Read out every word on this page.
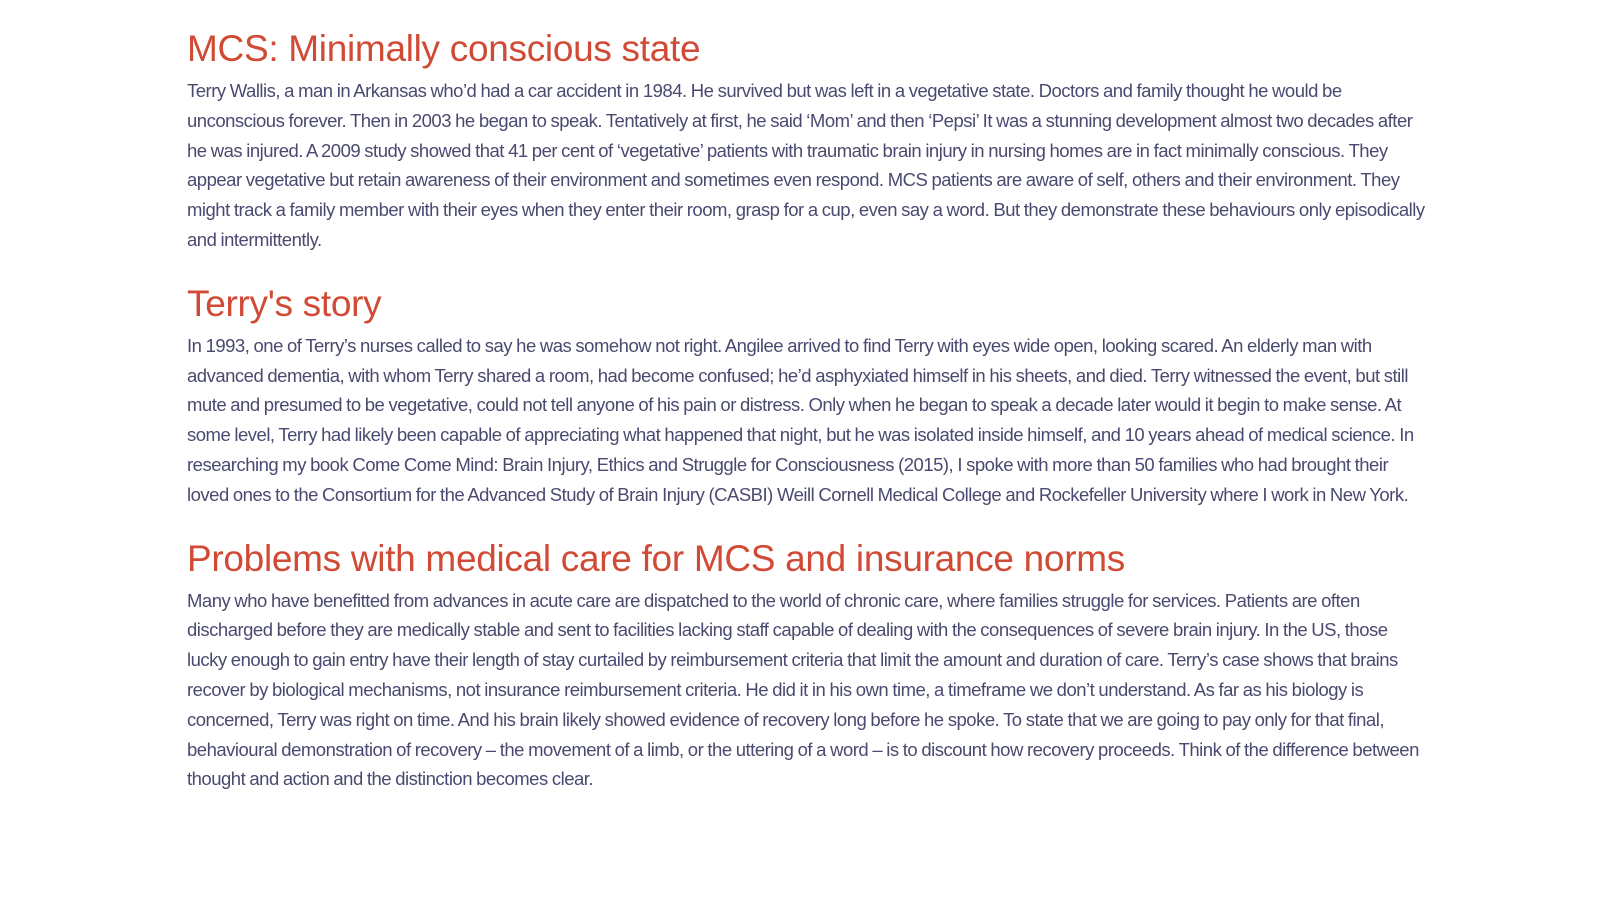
MCS: Minimally conscious state

Terry Wallis, a man in Arkansas who’d had a car accident in 1984. He survived but was left in a vegetative state. Doctors and family thought he would be unconscious forever. Then in 2003 he began to speak. Tentatively at first, he said ‘Mom’ and then ‘Pepsi’ It was a stunning development almost two decades after he was injured. A 2009 study showed that 41 per cent of ‘vegetative’ patients with traumatic brain injury in nursing homes are in fact minimally conscious. They appear vegetative but retain awareness of their environment and sometimes even respond. MCS patients are aware of self, others and their environment. They might track a family member with their eyes when they enter their room, grasp for a cup, even say a word. But they demonstrate these behaviours only episodically and intermittently.

Terry's story

In 1993, one of Terry’s nurses called to say he was somehow not right. Angilee arrived to find Terry with eyes wide open, looking scared. An elderly man with advanced dementia, with whom Terry shared a room, had become confused; he’d asphyxiated himself in his sheets, and died. Terry witnessed the event, but still mute and presumed to be vegetative, could not tell anyone of his pain or distress. Only when he began to speak a decade later would it begin to make sense. At some level, Terry had likely been capable of appreciating what happened that night, but he was isolated inside himself, and 10 years ahead of medical science. In researching my book Come Come Mind: Brain Injury, Ethics and Struggle for Consciousness (2015), I spoke with more than 50 families who had brought their loved ones to the Consortium for the Advanced Study of Brain Injury (CASBI) Weill Cornell Medical College and Rockefeller University where I work in New York.

Problems with medical care for MCS and insurance norms

Many who have benefitted from advances in acute care are dispatched to the world of chronic care, where families struggle for services. Patients are often discharged before they are medically stable and sent to facilities lacking staff capable of dealing with the consequences of severe brain injury. In the US, those lucky enough to gain entry have their length of stay curtailed by reimbursement criteria that limit the amount and duration of care. Terry’s case shows that brains recover by biological mechanisms, not insurance reimbursement criteria. He did it in his own time, a timeframe we don’t understand. As far as his biology is concerned, Terry was right on time. And his brain likely showed evidence of recovery long before he spoke. To state that we are going to pay only for that final, behavioural demonstration of recovery – the movement of a limb, or the uttering of a word – is to discount how recovery proceeds. Think of the difference between thought and action and the distinction becomes clear.
